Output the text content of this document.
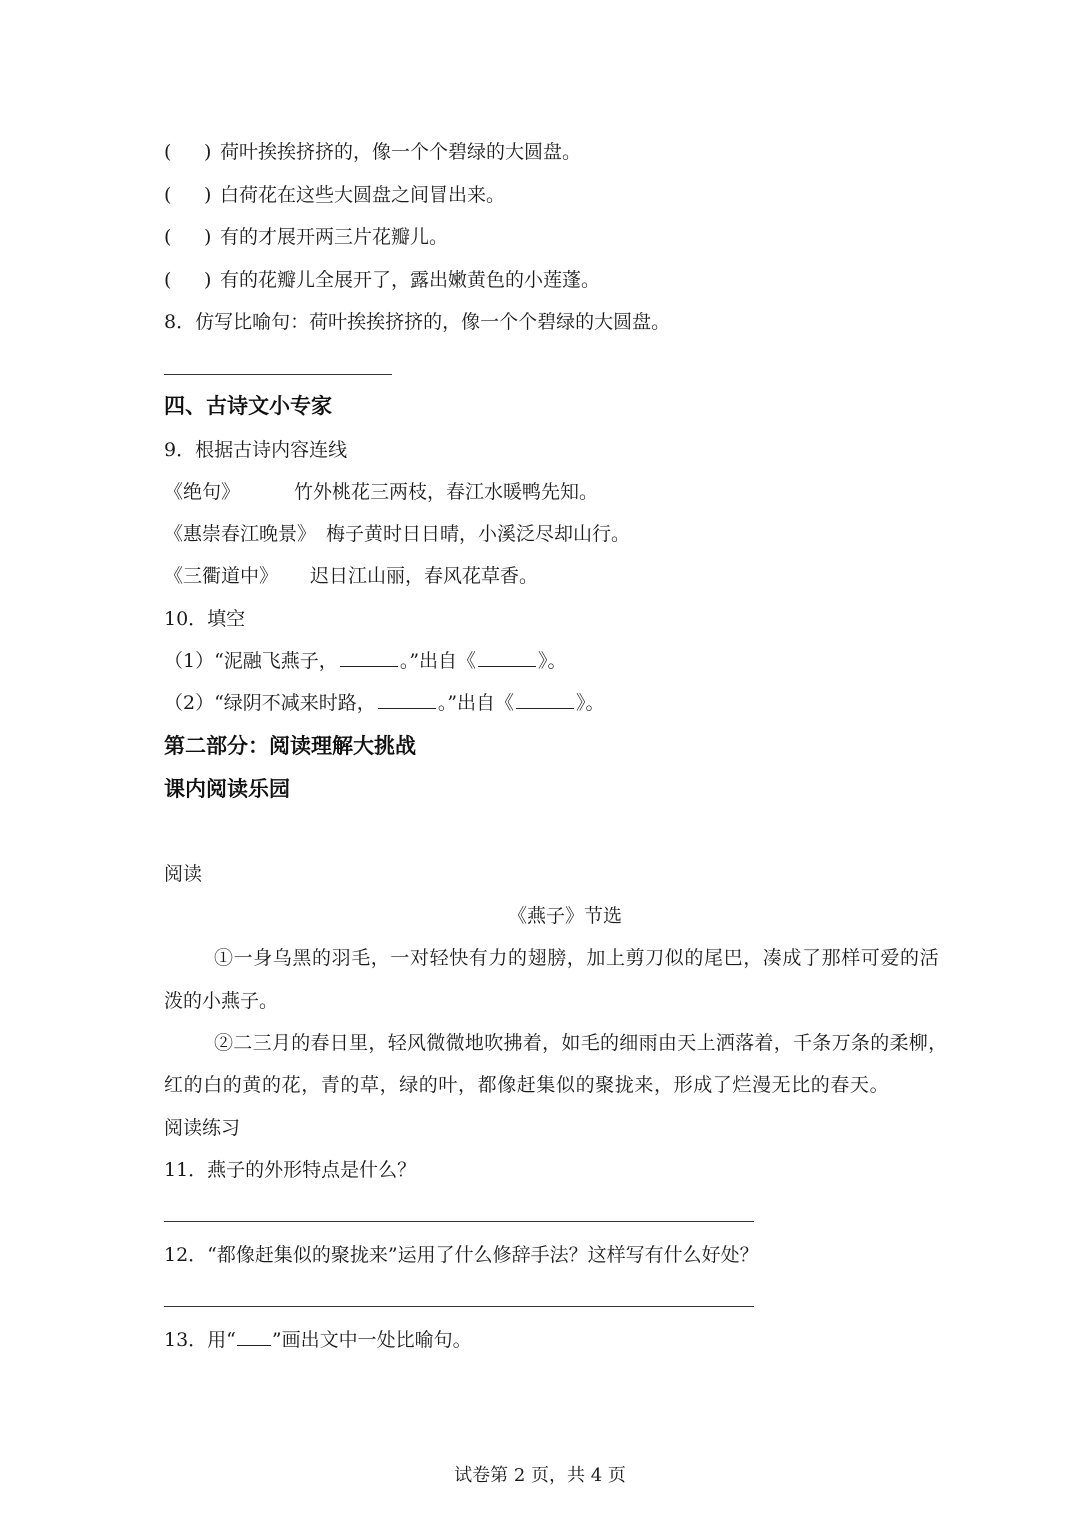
( ) 荷叶挨挨挤挤的，像一个个碧绿的大圆盘。
( ) 白荷花在这些大圆盘之间冒出来。
( ) 有的才展开两三片花瓣儿。
( ) 有的花瓣儿全展开了，露出嫩黄色的小莲蓬。
8．仿写比喻句：荷叶挨挨挤挤的，像一个个碧绿的大圆盘。
四、古诗文小专家
9．根据古诗内容连线
《绝句》	竹外桃花三两枝，春江水暖鸭先知。
《惠崇春江晚景》 梅子黄时日日晴，小溪泛尽却山行。
《三衢道中》 迟日江山丽，春风花草香。
10．填空
（1）“泥融飞燕子，	。”出自《	》。
（2）“绿阴不减来时路，	。”出自《	》。
第二部分：阅读理解大挑战
课内阅读乐园
阅读
《燕子》节选
①一身乌黑的羽毛，一对轻快有力的翅膀，加上剪刀似的尾巴，凑成了那样可爱的活
泼的小燕子。
②二三月的春日里，轻风微微地吹拂着，如毛的细雨由天上洒落着，千条万条的柔柳，
红的白的黄的花，青的草，绿的叶，都像赶集似的聚拢来，形成了烂漫无比的春天。
阅读练习
11．燕子的外形特点是什么？
12．“都像赶集似的聚拢来”运用了什么修辞手法？这样写有什么好处？
13．用“ ”画出文中一处比喻句。
试卷第 2 页，共 4 页
